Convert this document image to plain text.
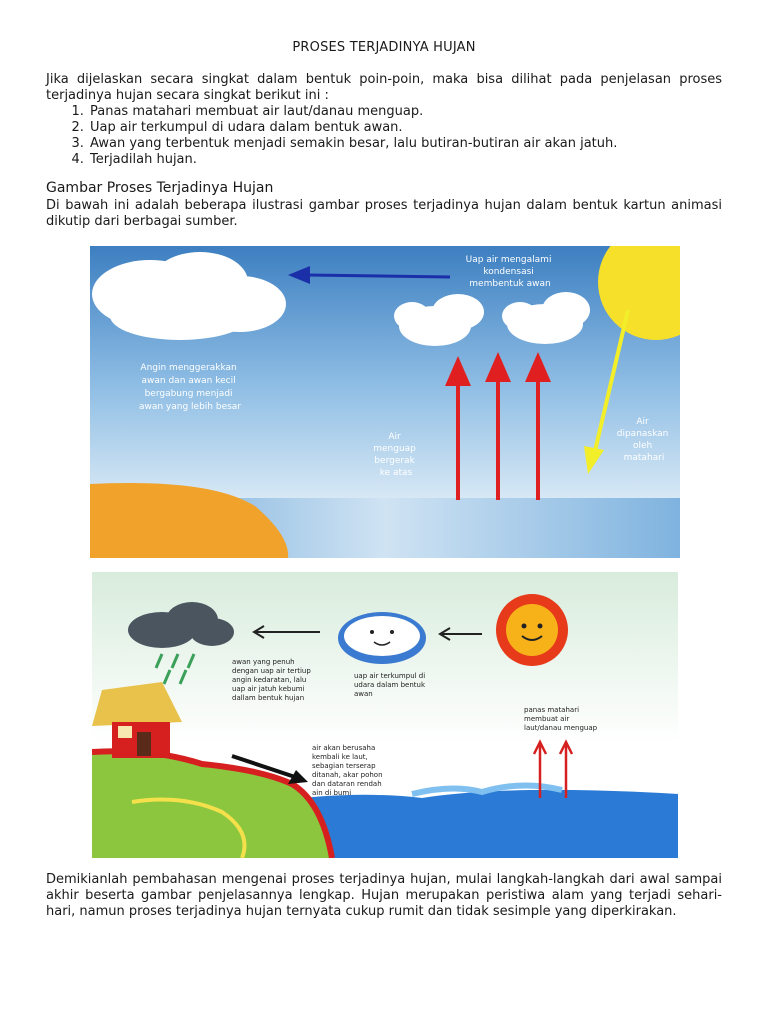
PROSES TERJADINYA HUJAN
Jika dijelaskan secara singkat dalam bentuk poin-poin, maka bisa dilihat pada penjelasan proses terjadinya hujan secara singkat berikut ini :
1. Panas matahari membuat air laut/danau menguap.
2. Uap air terkumpul di udara dalam bentuk awan.
3. Awan yang terbentuk menjadi semakin besar, lalu butiran-butiran air akan jatuh.
4. Terjadilah hujan.
Gambar Proses Terjadinya Hujan
Di bawah ini adalah beberapa ilustrasi gambar proses terjadinya hujan dalam bentuk kartun animasi dikutip dari berbagai sumber.
Uap air mengalami kondensasi membentuk awan
Angin menggerakkan awan dan awan kecil bergabung menjadi awan yang lebih besar
Air menguap bergerak ke atas
Air dipanaskan oleh matahari
awan yang penuh dengan uap air tertiup angin kedaratan, lalu uap air jatuh kebumi dallam bentuk hujan
uap air terkumpul di udara dalam bentuk awan
panas matahari membuat air laut/danau menguap
air akan berusaha kembali ke laut, sebagian terserap ditanah, akar pohon dan dataran rendah ain di bumi
Demikianlah pembahasan mengenai proses terjadinya hujan, mulai langkah-langkah dari awal sampai akhir beserta gambar penjelasannya lengkap. Hujan merupakan peristiwa alam yang terjadi sehari-hari, namun proses terjadinya hujan ternyata cukup rumit dan tidak sesimple yang diperkirakan.
